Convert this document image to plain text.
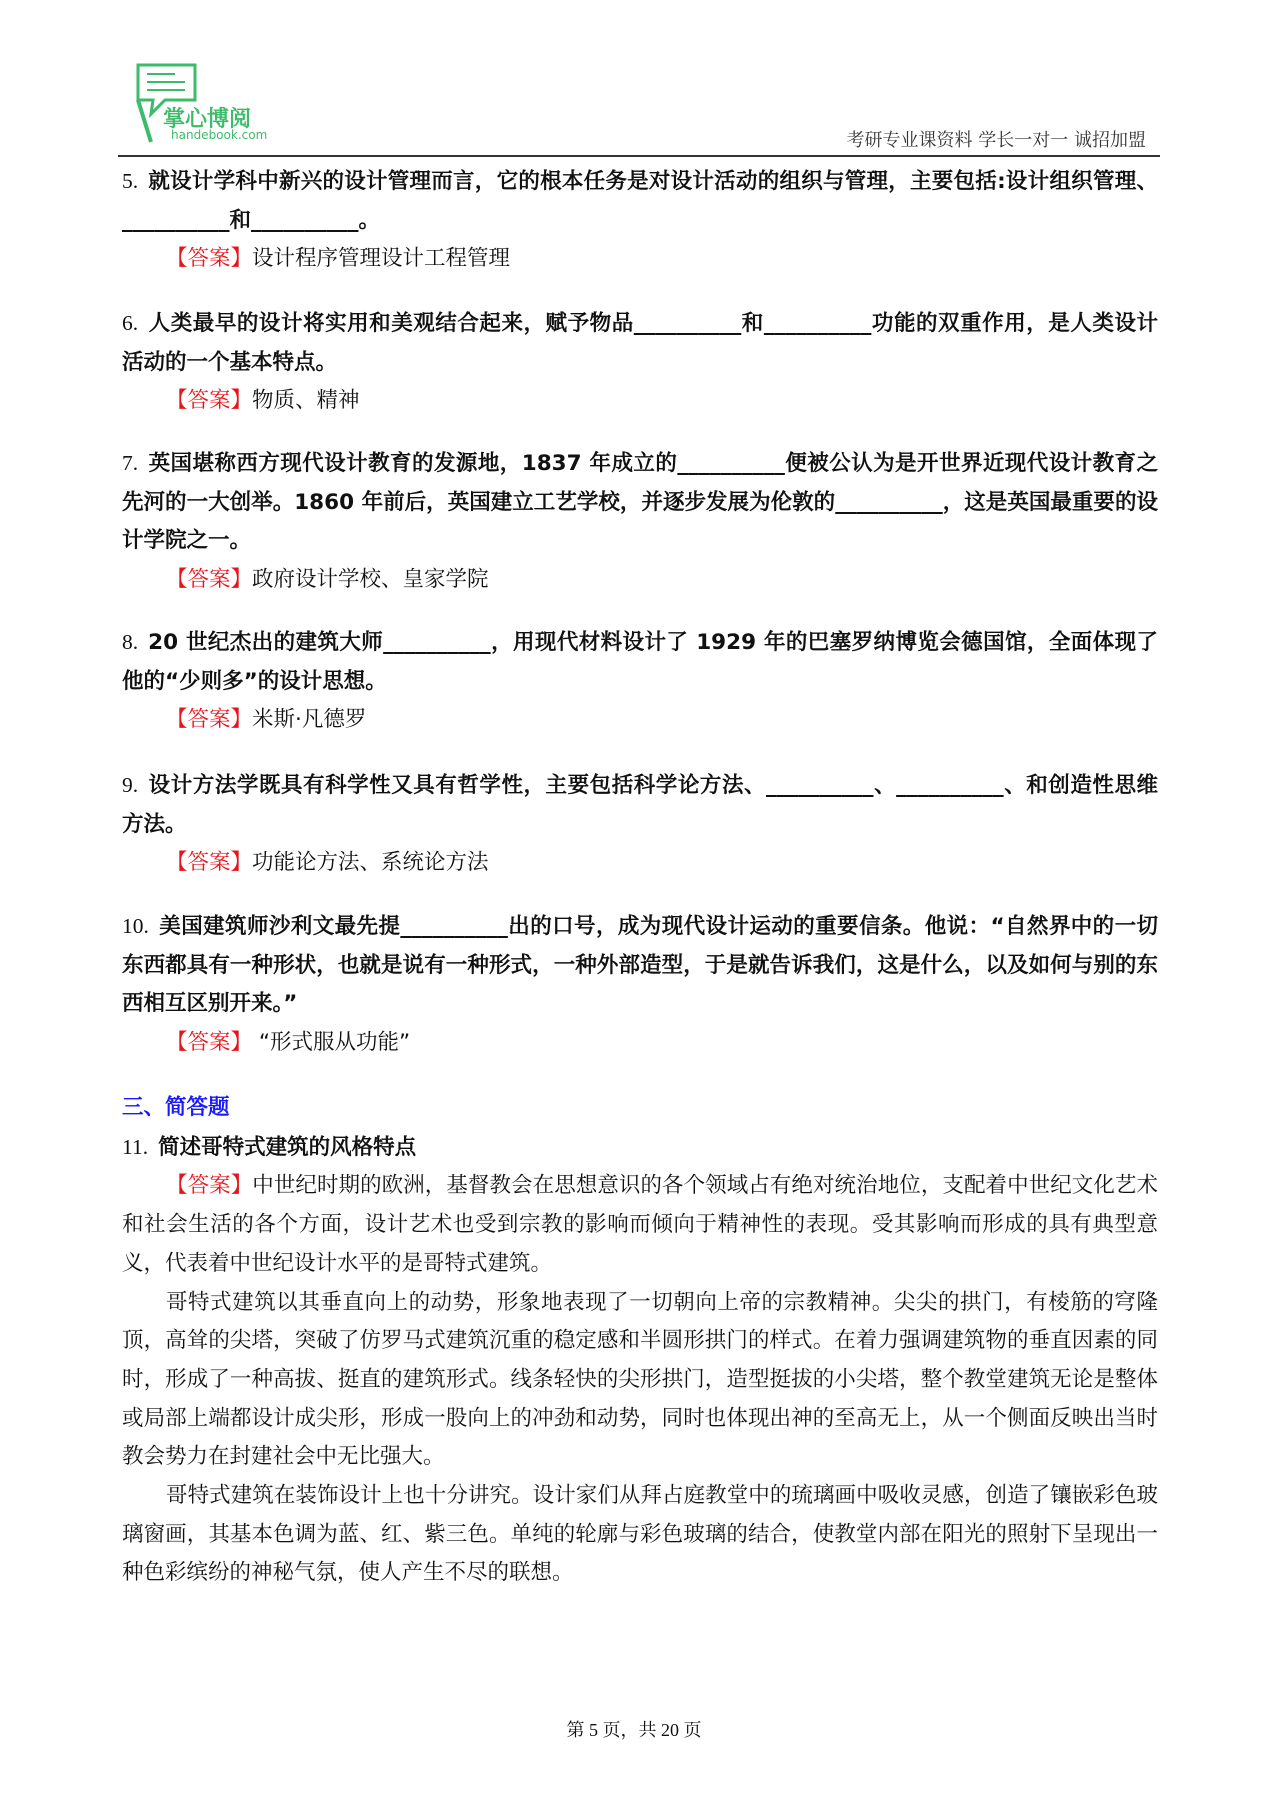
掌心博阅
handebook.com	考研专业课资料 学长一对一 诚招加盟
5. 就设计学科中新兴的设计管理而言，它的根本任务是对设计活动的组织与管理，主要包括:设计组织管理、__________和__________。
【答案】设计程序管理设计工程管理
6. 人类最早的设计将实用和美观结合起来，赋予物品__________和__________功能的双重作用，是人类设计活动的一个基本特点。
【答案】物质、精神
7. 英国堪称西方现代设计教育的发源地，1837 年成立的__________便被公认为是开世界近现代设计教育之先河的一大创举。1860 年前后，英国建立工艺学校，并逐步发展为伦敦的__________，这是英国最重要的设计学院之一。
【答案】政府设计学校、皇家学院
8. 20 世纪杰出的建筑大师__________，用现代材料设计了 1929 年的巴塞罗纳博览会德国馆，全面体现了他的“少则多”的设计思想。
【答案】米斯·凡德罗
9. 设计方法学既具有科学性又具有哲学性，主要包括科学论方法、__________、__________、和创造性思维方法。
【答案】功能论方法、系统论方法
10. 美国建筑师沙利文最先提__________出的口号，成为现代设计运动的重要信条。他说：“自然界中的一切东西都具有一种形状，也就是说有一种形式，一种外部造型，于是就告诉我们，这是什么，以及如何与别的东西相互区别开来。”
【答案】 “形式服从功能”
三、简答题
11. 简述哥特式建筑的风格特点
【答案】中世纪时期的欧洲，基督教会在思想意识的各个领域占有绝对统治地位，支配着中世纪文化艺术和社会生活的各个方面，设计艺术也受到宗教的影响而倾向于精神性的表现。受其影响而形成的具有典型意义，代表着中世纪设计水平的是哥特式建筑。
哥特式建筑以其垂直向上的动势，形象地表现了一切朝向上帝的宗教精神。尖尖的拱门，有棱筋的穹隆顶，高耸的尖塔，突破了仿罗马式建筑沉重的稳定感和半圆形拱门的样式。在着力强调建筑物的垂直因素的同时，形成了一种高拔、挺直的建筑形式。线条轻快的尖形拱门，造型挺拔的小尖塔，整个教堂建筑无论是整体或局部上端都设计成尖形，形成一股向上的冲劲和动势，同时也体现出神的至高无上，从一个侧面反映出当时教会势力在封建社会中无比强大。
哥特式建筑在装饰设计上也十分讲究。设计家们从拜占庭教堂中的琉璃画中吸收灵感，创造了镶嵌彩色玻璃窗画，其基本色调为蓝、红、紫三色。单纯的轮廓与彩色玻璃的结合，使教堂内部在阳光的照射下呈现出一种色彩缤纷的神秘气氛，使人产生不尽的联想。
第 5 页，共 20 页
